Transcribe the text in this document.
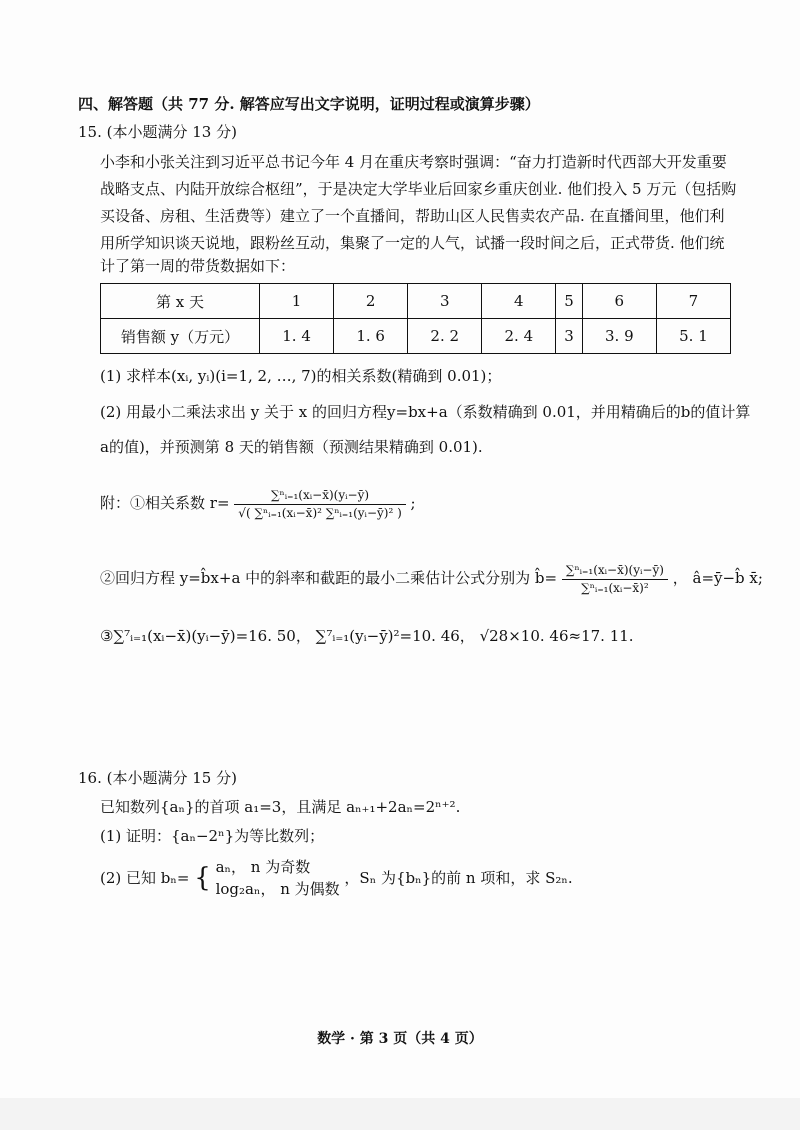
四、解答题（共 77 分. 解答应写出文字说明，证明过程或演算步骤）
15. (本小题满分 13 分)
小李和小张关注到习近平总书记今年 4 月在重庆考察时强调：“奋力打造新时代西部大开发重要
战略支点、内陆开放综合枢纽”，于是决定大学毕业后回家乡重庆创业. 他们投入 5 万元（包括购
买设备、房租、生活费等）建立了一个直播间，帮助山区人民售卖农产品. 在直播间里，他们利
用所学知识谈天说地，跟粉丝互动，集聚了一定的人气，试播一段时间之后，正式带货. 他们统
计了第一周的带货数据如下：
第 x 天	1	2	3	4	5	6	7
销售额 y（万元）	1. 4	1. 6	2. 2	2. 4	3	3. 9	5. 1
(1) 求样本(xᵢ, yᵢ)(i=1, 2, …, 7)的相关系数(精确到 0.01)；
(2) 用最小二乘法求出 y 关于 x 的回归方程y=bx+a（系数精确到 0.01，并用精确后的b的值计算
a的值)，并预测第 8 天的销售额（预测结果精确到 0.01).
附：①相关系数 $r= \frac{\text{∑ⁿᵢ₌₁(xᵢ−x̄)(yᵢ−ȳ)}}{\text{√( ∑ⁿᵢ₌₁(xᵢ−x̄)² ∑ⁿᵢ₌₁(yᵢ−ȳ)² )}}$ ;
②回归方程 y=b̂x+a 中的斜率和截距的最小二乘估计公式分别为 b̂= $\frac{\text{∑ⁿᵢ₌₁(xᵢ−x̄)(yᵢ−ȳ)}}{\text{∑ⁿᵢ₌₁(xᵢ−x̄)²}}$ ， â=ȳ−b̂ x̄;
③∑⁷ᵢ₌₁(xᵢ−x̄)(yᵢ−ȳ)=16. 50， ∑⁷ᵢ₌₁(yᵢ−ȳ)²=10. 46， √28×10. 46≈17. 11.
16. (本小题满分 15 分)
已知数列{aₙ}的首项 a₁=3，且满足 aₙ₊₁+2aₙ=2ⁿ⁺².
(1) 证明：{aₙ−2ⁿ}为等比数列；
(2) 已知 bₙ= { aₙ， n 为奇数
log₂aₙ， n 为偶数
，Sₙ 为{bₙ}的前 n 项和，求 S₂ₙ.
数学 · 第 3 页（共 4 页）
